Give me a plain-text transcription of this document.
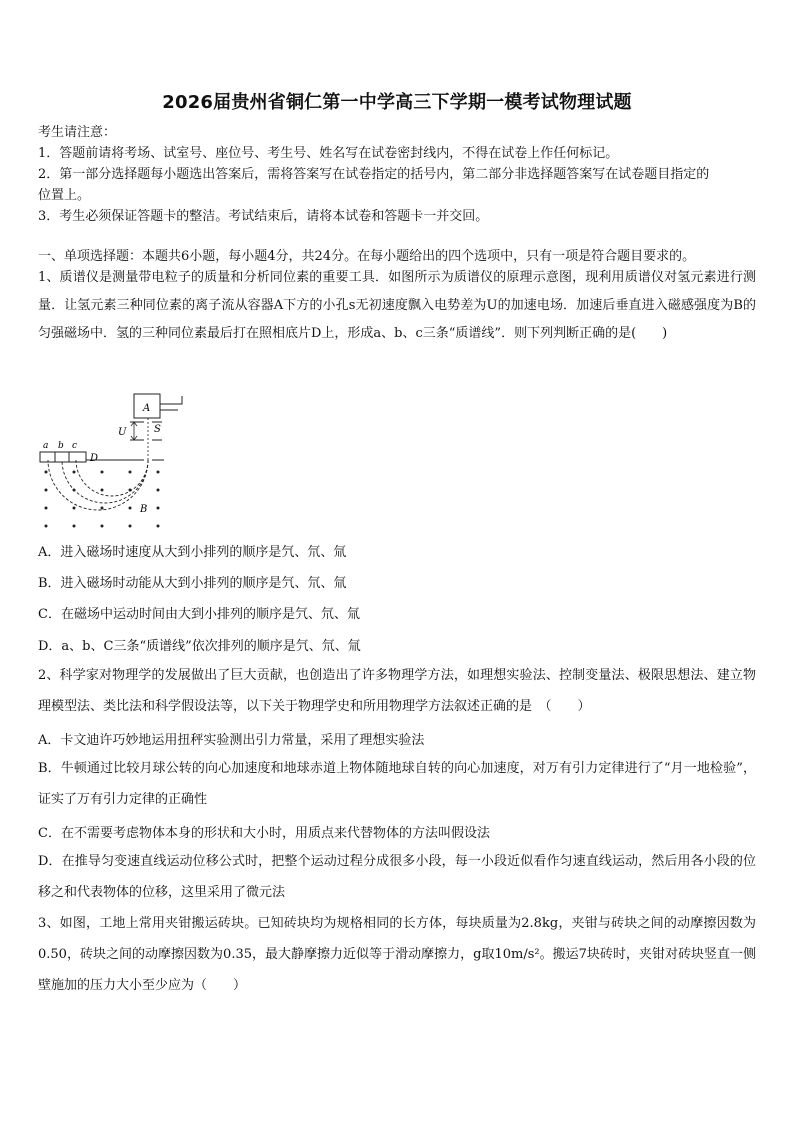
2026届贵州省铜仁第一中学高三下学期一模考试物理试题
考生请注意：
1．答题前请将考场、试室号、座位号、考生号、姓名写在试卷密封线内，不得在试卷上作任何标记。
2．第一部分选择题每小题选出答案后，需将答案写在试卷指定的括号内，第二部分非选择题答案写在试卷题目指定的
位置上。
3．考生必须保证答题卡的整洁。考试结束后，请将本试卷和答题卡一并交回。
一、单项选择题：本题共6小题，每小题4分，共24分。在每小题给出的四个选项中，只有一项是符合题目要求的。
1、质谱仪是测量带电粒子的质量和分析同位素的重要工具．如图所示为质谱仪的原理示意图，现利用质谱仪对氢元素进行测量．让氢元素三种同位素的离子流从容器A下方的小孔s无初速度飘入电势差为U的加速电场．加速后垂直进入磁感强度为B的匀强磁场中．氢的三种同位素最后打在照相底片D上，形成a、b、c三条“质谱线”．则下列判断正确的是(　　)
A
U	S
a b c
D
B
A．进入磁场时速度从大到小排列的顺序是氕、氘、氚
B．进入磁场时动能从大到小排列的顺序是氕、氘、氚
C．在磁场中运动时间由大到小排列的顺序是氕、氘、氚
D．a、b、C三条“质谱线”依次排列的顺序是氕、氘、氚
2、科学家对物理学的发展做出了巨大贡献，也创造出了许多物理学方法，如理想实验法、控制变量法、极限思想法、建立物理模型法、类比法和科学假设法等，以下关于物理学史和所用物理学方法叙述正确的是　（　　）
A．卡文迪许巧妙地运用扭秤实验测出引力常量，采用了理想实验法
B．牛顿通过比较月球公转的向心加速度和地球赤道上物体随地球自转的向心加速度，对万有引力定律进行了“月一地检验”，证实了万有引力定律的正确性
C．在不需要考虑物体本身的形状和大小时，用质点来代替物体的方法叫假设法
D．在推导匀变速直线运动位移公式时，把整个运动过程分成很多小段，每一小段近似看作匀速直线运动，然后用各小段的位移之和代表物体的位移，这里采用了微元法
3、如图，工地上常用夹钳搬运砖块。已知砖块均为规格相同的长方体，每块质量为2.8kg，夹钳与砖块之间的动摩擦因数为0.50，砖块之间的动摩擦因数为0.35，最大静摩擦力近似等于滑动摩擦力，g取10m/s²。搬运7块砖时，夹钳对砖块竖直一侧壁施加的压力大小至少应为（　　）
